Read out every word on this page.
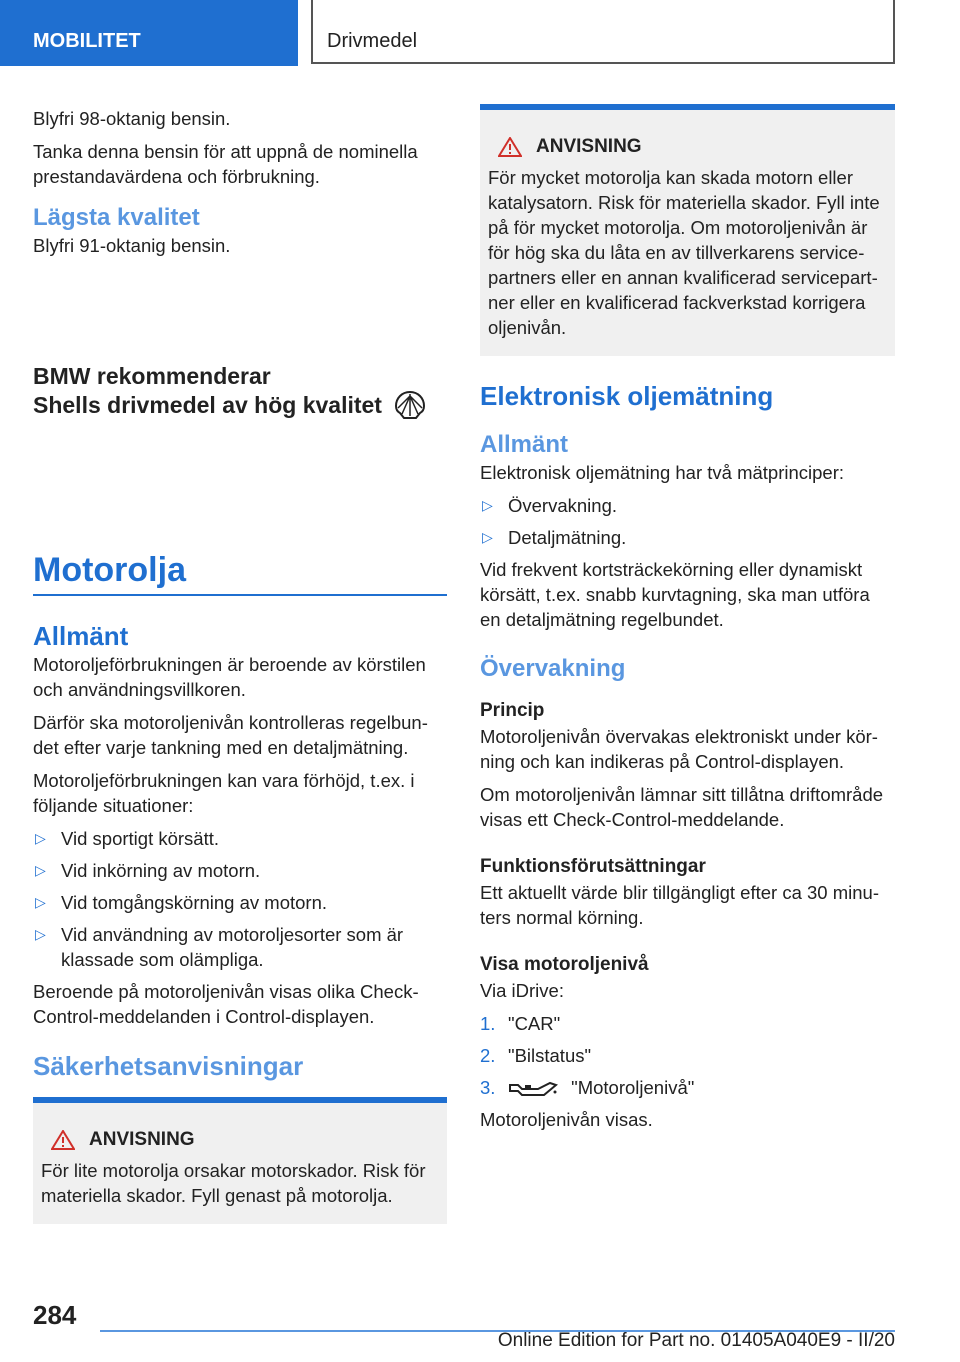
MOBILITET	Drivmedel

Blyfri 98-oktanig bensin.

Tanka denna bensin för att uppnå de nominella prestandavärdena och förbrukning.

Lägsta kvalitet

Blyfri 91-oktanig bensin.

BMW rekommenderar
Shells drivmedel av hög kvalitet
Motorolja
Allmänt

Motoroljeförbrukningen är beroende av körstilen och användningsvillkoren.

Därför ska motoroljenivån kontrolleras regelbundet efter varje tankning med en detaljmätning.

Motoroljeförbrukningen kan vara förhöjd, t.ex. i följande situationer:

▷ Vid sportigt körsätt.
▷ Vid inkörning av motorn.
▷ Vid tomgångskörning av motorn.
▷ Vid användning av motoroljesorter som är klassade som olämpliga.

Beroende på motoroljenivån visas olika Check-Control-meddelanden i Control-displayen.

Säkerhetsanvisningar
ANVISNING
För lite motorolja orsakar motorskador. Risk för materiella skador. Fyll genast på motorolja.
ANVISNING
För mycket motorolja kan skada motorn eller katalysatorn. Risk för materiella skador. Fyll inte på för mycket motorolja. Om motoroljenivån är för hög ska du låta en av tillverkarens servicepartners eller en annan kvalificerad servicepartner eller en kvalificerad fackverkstad korrigera oljenivån.
Elektronisk oljemätning
Allmänt

Elektronisk oljemätning har två mätprinciper:

▷ Övervakning.
▷ Detaljmätning.

Vid frekvent kortsträckekörning eller dynamiskt körsätt, t.ex. snabb kurvtagning, ska man utföra en detaljmätning regelbundet.

Övervakning
Princip

Motoroljenivån övervakas elektroniskt under körning och kan indikeras på Control-displayen.

Om motoroljenivån lämnar sitt tillåtna driftområde visas ett Check-Control-meddelande.

Funktionsförutsättningar

Ett aktuellt värde blir tillgängligt efter ca 30 minuters normal körning.

Visa motoroljenivå

Via iDrive:

1. "CAR"
2. "Bilstatus"
3.	"Motoroljenivå"

Motoroljenivån visas.

284
Online Edition for Part no. 01405A040E9 - II/20
